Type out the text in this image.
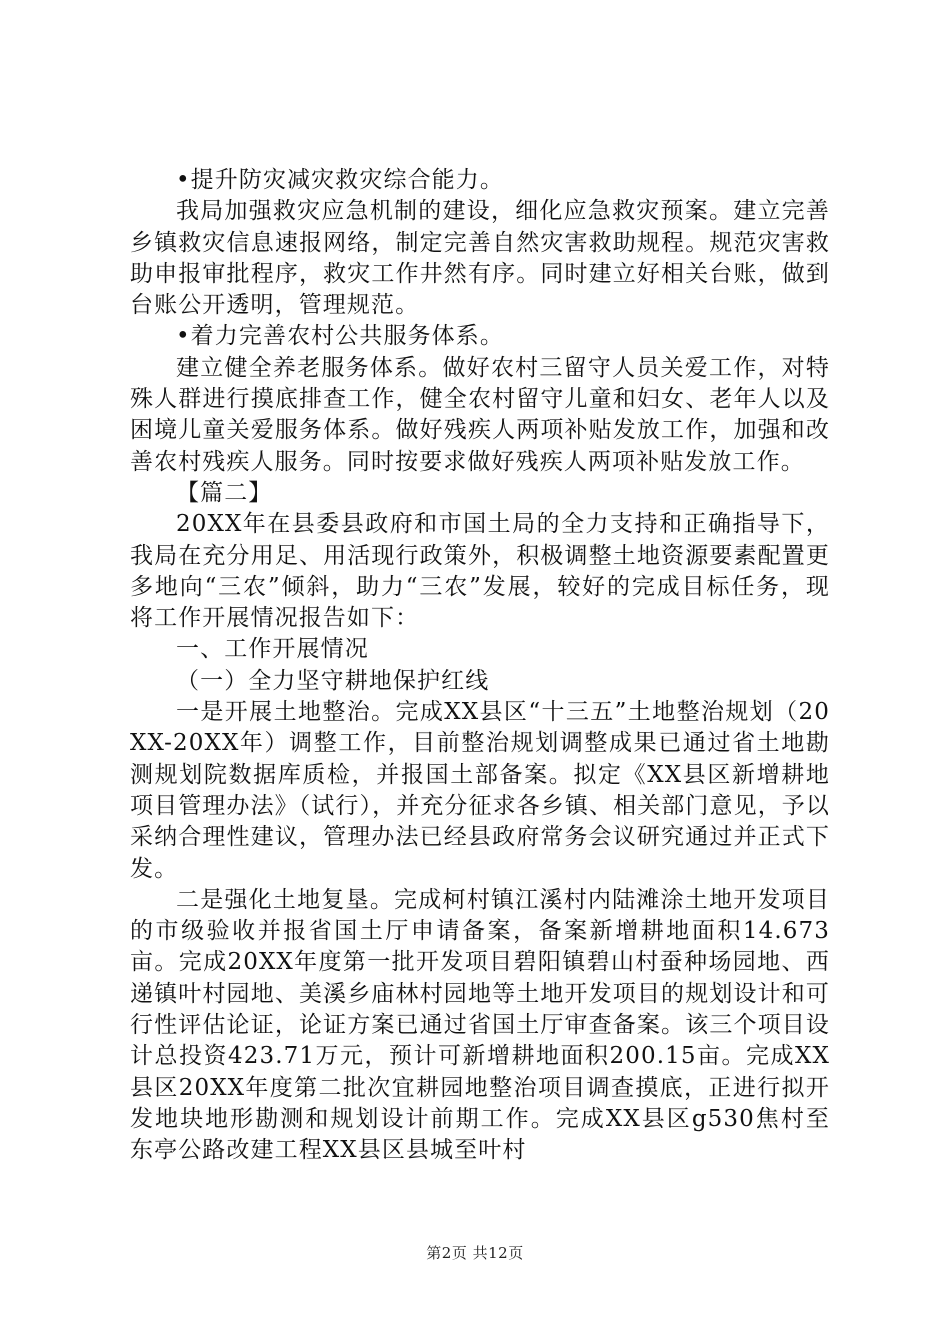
•提升防灾减灾救灾综合能力。

我局加强救灾应急机制的建设，细化应急救灾预案。建立完善乡镇救灾信息速报网络，制定完善自然灾害救助规程。规范灾害救助申报审批程序，救灾工作井然有序。同时建立好相关台账，做到台账公开透明，管理规范。

•着力完善农村公共服务体系。

建立健全养老服务体系。做好农村三留守人员关爱工作，对特殊人群进行摸底排查工作，健全农村留守儿童和妇女、老年人以及困境儿童关爱服务体系。做好残疾人两项补贴发放工作，加强和改善农村残疾人服务。同时按要求做好残疾人两项补贴发放工作。

【篇二】

20XX年在县委县政府和市国土局的全力支持和正确指导下，我局在充分用足、用活现行政策外，积极调整土地资源要素配置更多地向“三农”倾斜，助力“三农”发展，较好的完成目标任务，现将工作开展情况报告如下：

一、工作开展情况

（一）全力坚守耕地保护红线

一是开展土地整治。完成XX县区“十三五”土地整治规划（20XX-20XX年）调整工作，目前整治规划调整成果已通过省土地勘测规划院数据库质检，并报国土部备案。拟定《XX县区新增耕地项目管理办法》（试行），并充分征求各乡镇、相关部门意见，予以采纳合理性建议，管理办法已经县政府常务会议研究通过并正式下发。

二是强化土地复垦。完成柯村镇江溪村内陆滩涂土地开发项目的市级验收并报省国土厅申请备案，备案新增耕地面积14.673亩。完成20XX年度第一批开发项目碧阳镇碧山村蚕种场园地、西递镇叶村园地、美溪乡庙林村园地等土地开发项目的规划设计和可行性评估论证，论证方案已通过省国土厅审查备案。该三个项目设计总投资423.71万元，预计可新增耕地面积200.15亩。完成XX县区20XX年度第二批次宜耕园地整治项目调查摸底，正进行拟开发地块地形勘测和规划设计前期工作。完成XX县区g530焦村至东亭公路改建工程XX县区县城至叶村

第2页 共12页
